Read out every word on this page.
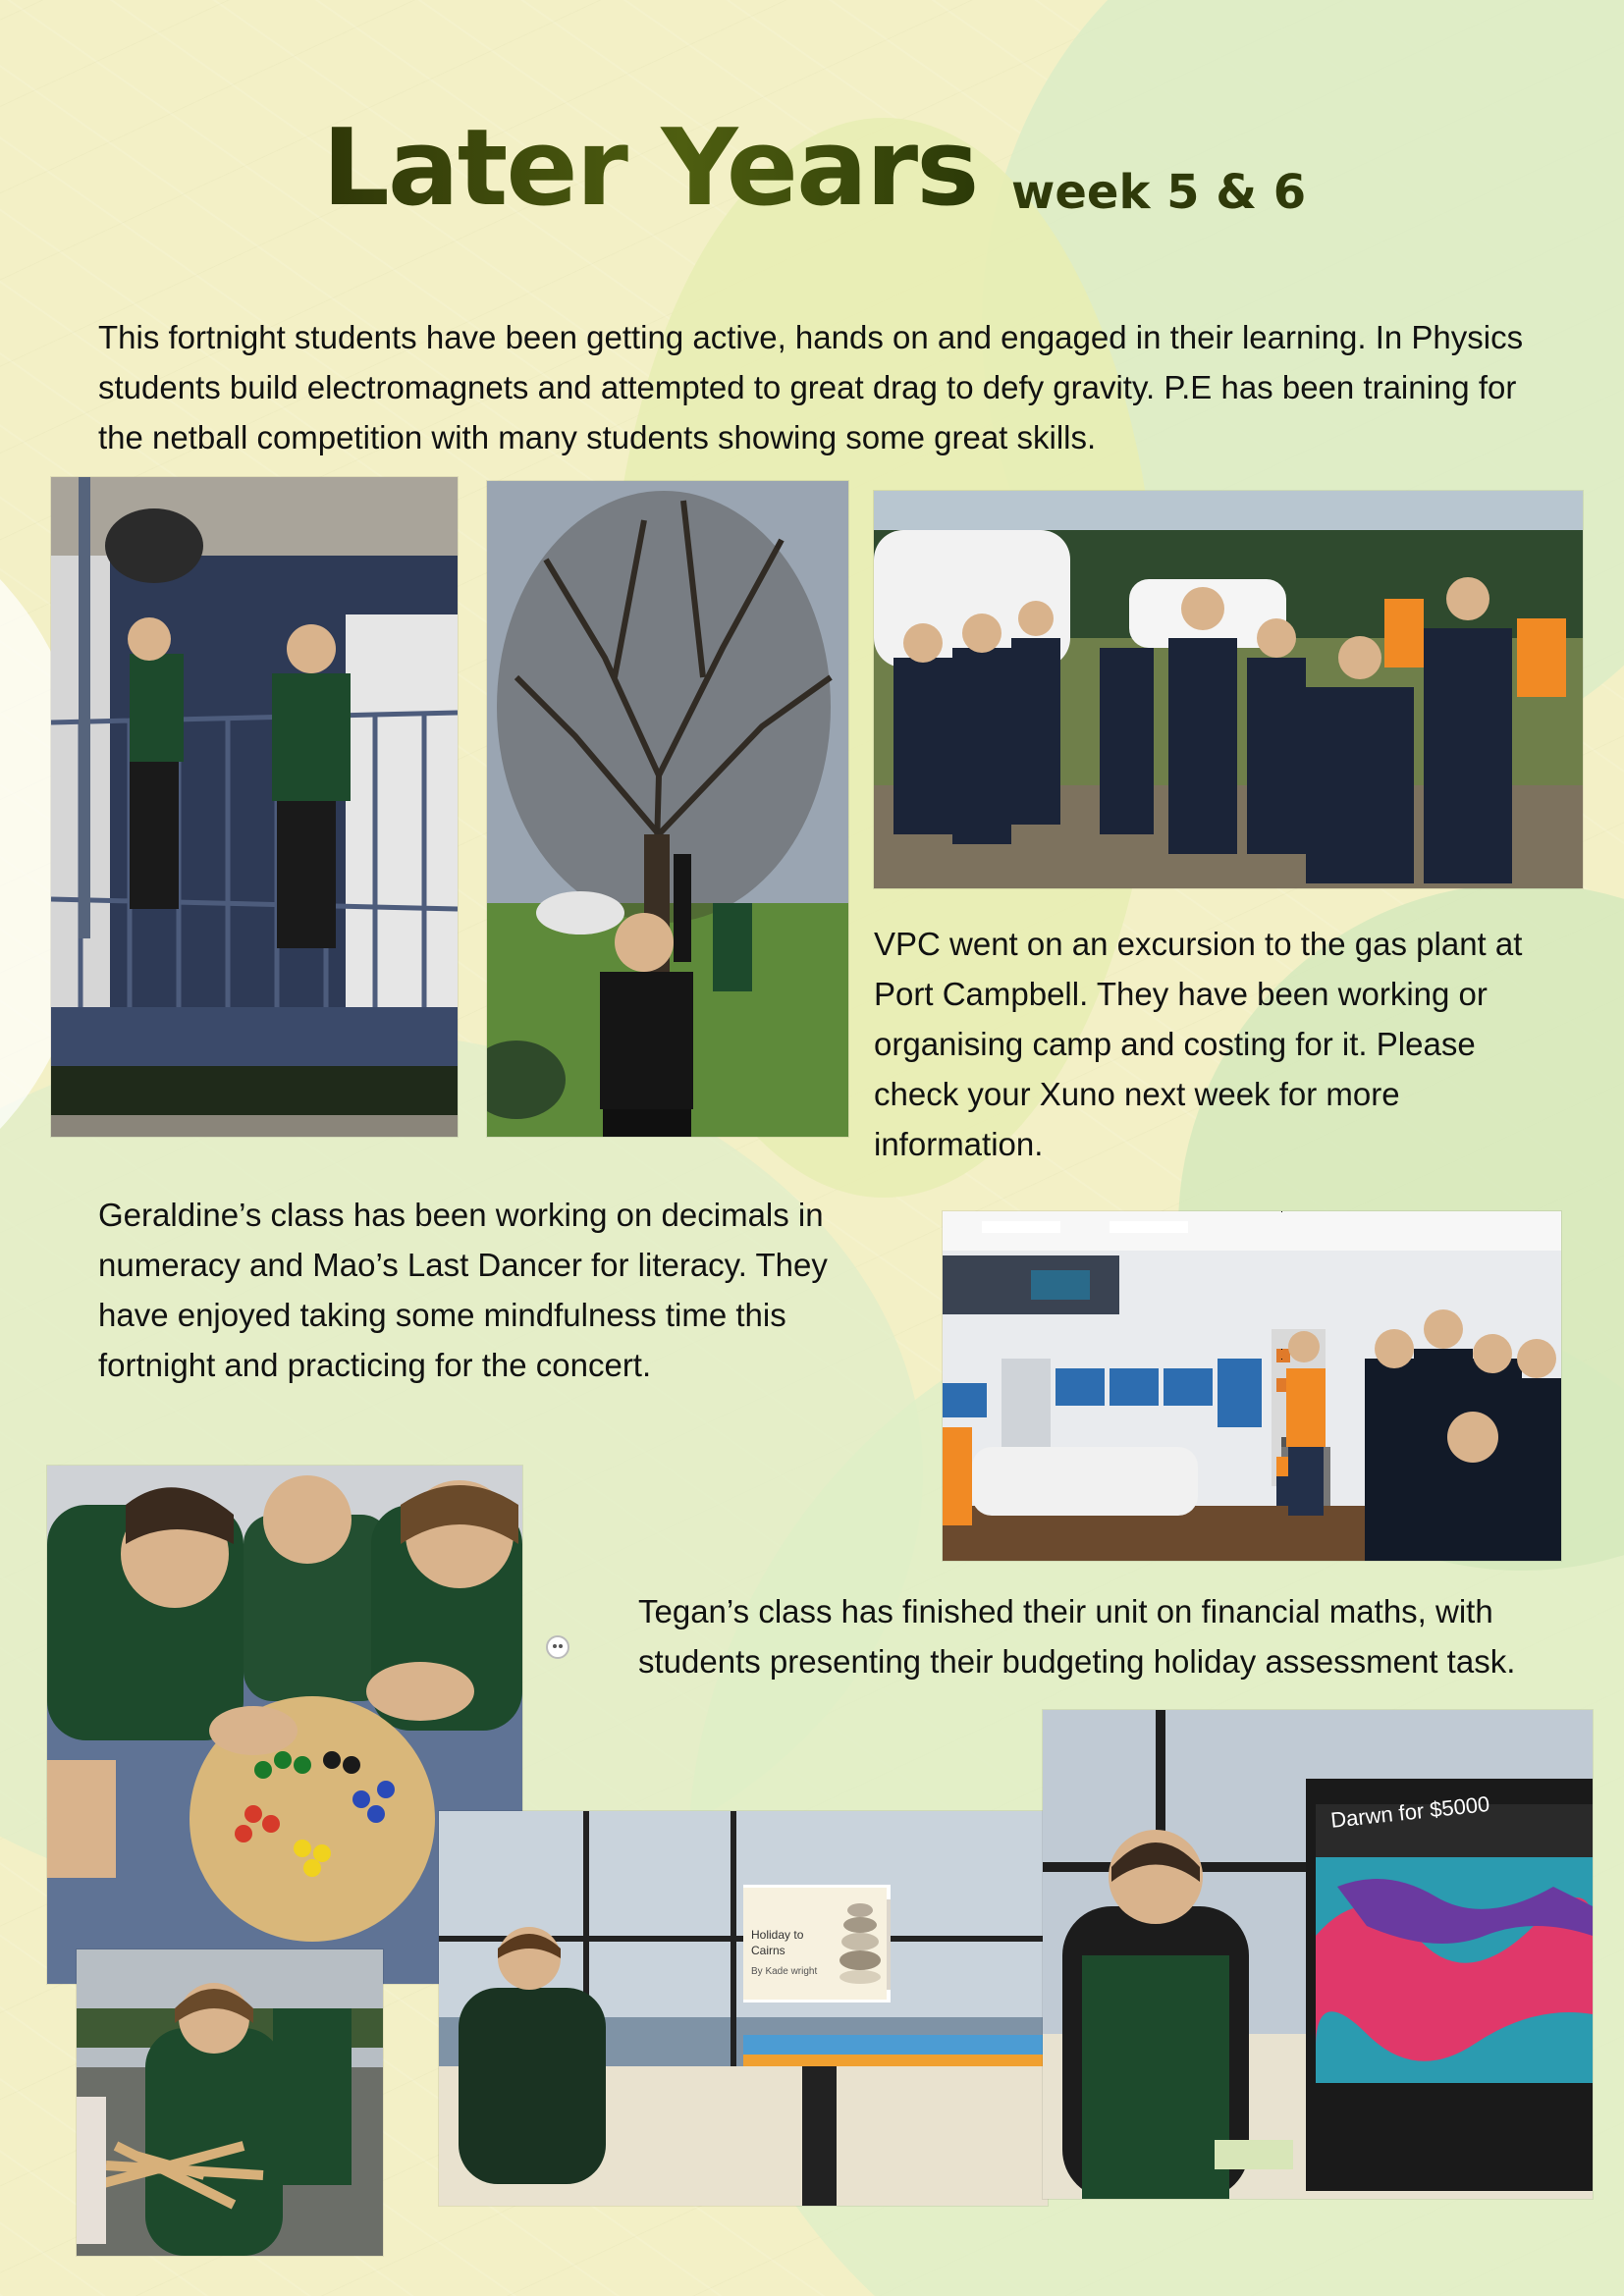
Later Years week 5 & 6

This fortnight students have been getting active, hands on and engaged in their learning. In Physics students build electromagnets and attempted to great drag to defy gravity. P.E has been training for the netball competition with many students showing some great skills.

VPC went on an excursion to the gas plant at Port Campbell. They have been working or organising camp and costing for it. Please check your Xuno next week for more information.

Geraldine’s class has been working on decimals in numeracy and Mao’s Last Dancer for literacy. They have enjoyed taking some mindfulness time this fortnight and practicing for the concert.

Tegan’s class has finished their unit on financial maths, with students presenting their budgeting holiday assessment task.

Holiday to Cairns
By Kade wright
Darwn for $5000
